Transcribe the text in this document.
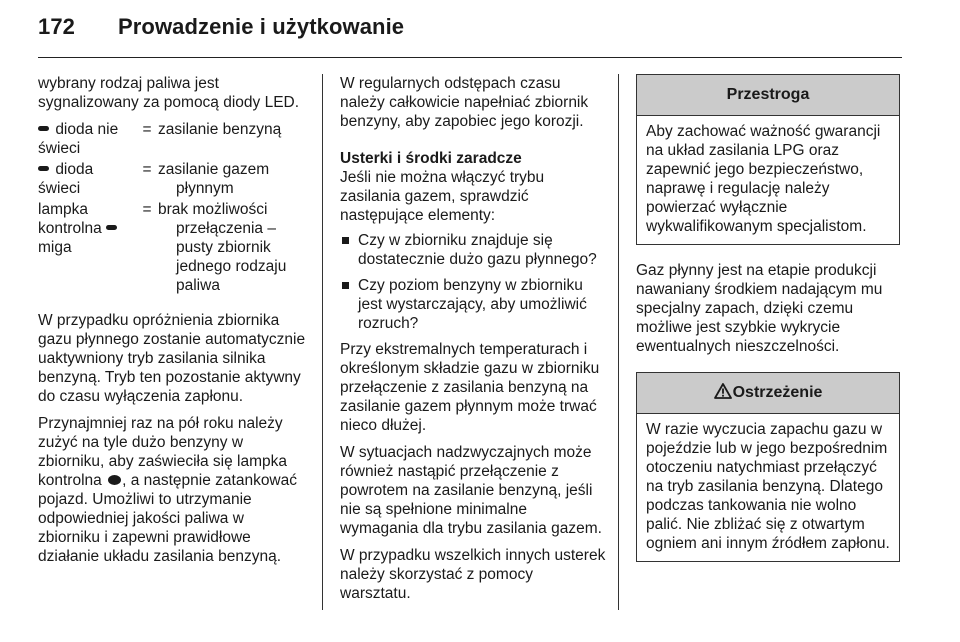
172 Prowadzenie i użytkowanie

wybrany rodzaj paliwa jest sygnalizowany za pomocą diody LED.

dioda nie świeci
= zasilanie benzyną
dioda świeci
= zasilanie gazem
płynnym
lampka kontrolna
miga
= brak możliwości
przełączenia – pusty zbiornik jednego rodzaju paliwa

W przypadku opróżnienia zbiornika gazu płynnego zostanie automatycznie uaktywniony tryb zasilania silnika benzyną. Tryb ten pozostanie aktywny do czasu wyłączenia zapłonu.

Przynajmniej raz na pół roku należy zużyć na tyle dużo benzyny w zbiorniku, aby zaświeciła się lampka kontrolna , a następnie zatankować pojazd. Umożliwi to utrzymanie odpowiedniej jakości paliwa w zbiorniku i zapewni prawidłowe działanie układu zasilania benzyną.

W regularnych odstępach czasu należy całkowicie napełniać zbiornik benzyny, aby zapobiec jego korozji.

Usterki i środki zaradcze

Jeśli nie można włączyć trybu zasilania gazem, sprawdzić następujące elementy:

Czy w zbiorniku znajduje się dostatecznie dużo gazu płynnego?
Czy poziom benzyny w zbiorniku jest wystarczający, aby umożliwić rozruch?

Przy ekstremalnych temperaturach i określonym składzie gazu w zbiorniku przełączenie z zasilania benzyną na zasilanie gazem płynnym może trwać nieco dłużej.

W sytuacjach nadzwyczajnych może również nastąpić przełączenie z powrotem na zasilanie benzyną, jeśli nie są spełnione minimalne wymagania dla trybu zasilania gazem.

W przypadku wszelkich innych usterek należy skorzystać z pomocy warsztatu.

Przestroga
Aby zachować ważność gwarancji na układ zasilania LPG oraz zapewnić jego bezpieczeństwo, naprawę i regulację należy powierzać wyłącznie wykwalifikowanym specjalistom.

Gaz płynny jest na etapie produkcji nawaniany środkiem nadającym mu specjalny zapach, dzięki czemu możliwe jest szybkie wykrycie ewentualnych nieszczelności.

Ostrzeżenie
W razie wyczucia zapachu gazu w pojeździe lub w jego bezpośrednim otoczeniu natychmiast przełączyć na tryb zasilania benzyną. Dlatego podczas tankowania nie wolno palić. Nie zbliżać się z otwartym ogniem ani innym źródłem zapłonu.
